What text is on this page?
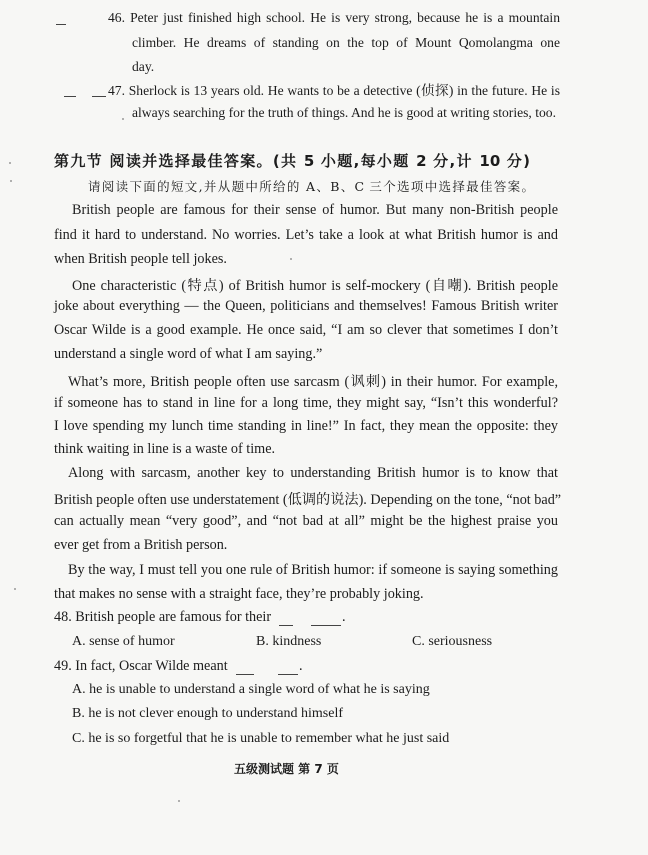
46. Peter just finished high school. He is very strong, because he is a mountain
climber. He dreams of standing on the top of Mount Qomolangma one
day.
47. Sherlock is 13 years old. He wants to be a detective (侦探) in the future. He is
always searching for the truth of things. And he is good at writing stories, too.
第九节 阅读并选择最佳答案。(共 5 小题,每小题 2 分,计 10 分)
请阅读下面的短文,并从题中所给的 A、B、C 三个选项中选择最佳答案。
British people are famous for their sense of humor. But many non-British people
find it hard to understand. No worries. Let’s take a look at what British humor is and
when British people tell jokes.
One characteristic (特点) of British humor is self-mockery (自嘲). British people
joke about everything — the Queen, politicians and themselves! Famous British writer
Oscar Wilde is a good example. He once said, “I am so clever that sometimes I don’t
understand a single word of what I am saying.”
What’s more, British people often use sarcasm (讽刺) in their humor. For example,
if someone has to stand in line for a long time, they might say, “Isn’t this wonderful?
I love spending my lunch time standing in line!” In fact, they mean the opposite: they
think waiting in line is a waste of time.
Along with sarcasm, another key to understanding British humor is to know that
British people often use understatement (低调的说法). Depending on the tone, “not bad”
can actually mean “very good”, and “not bad at all” might be the highest praise you
ever get from a British person.
By the way, I must tell you one rule of British humor: if someone is saying something
that makes no sense with a straight face, they’re probably joking.
48. British people are famous for their	.
A. sense of humor	B. kindness	C. seriousness
49. In fact, Oscar Wilde meant	.
A. he is unable to understand a single word of what he is saying
B. he is not clever enough to understand himself
C. he is so forgetful that he is unable to remember what he just said
五级测试题 第 7 页
